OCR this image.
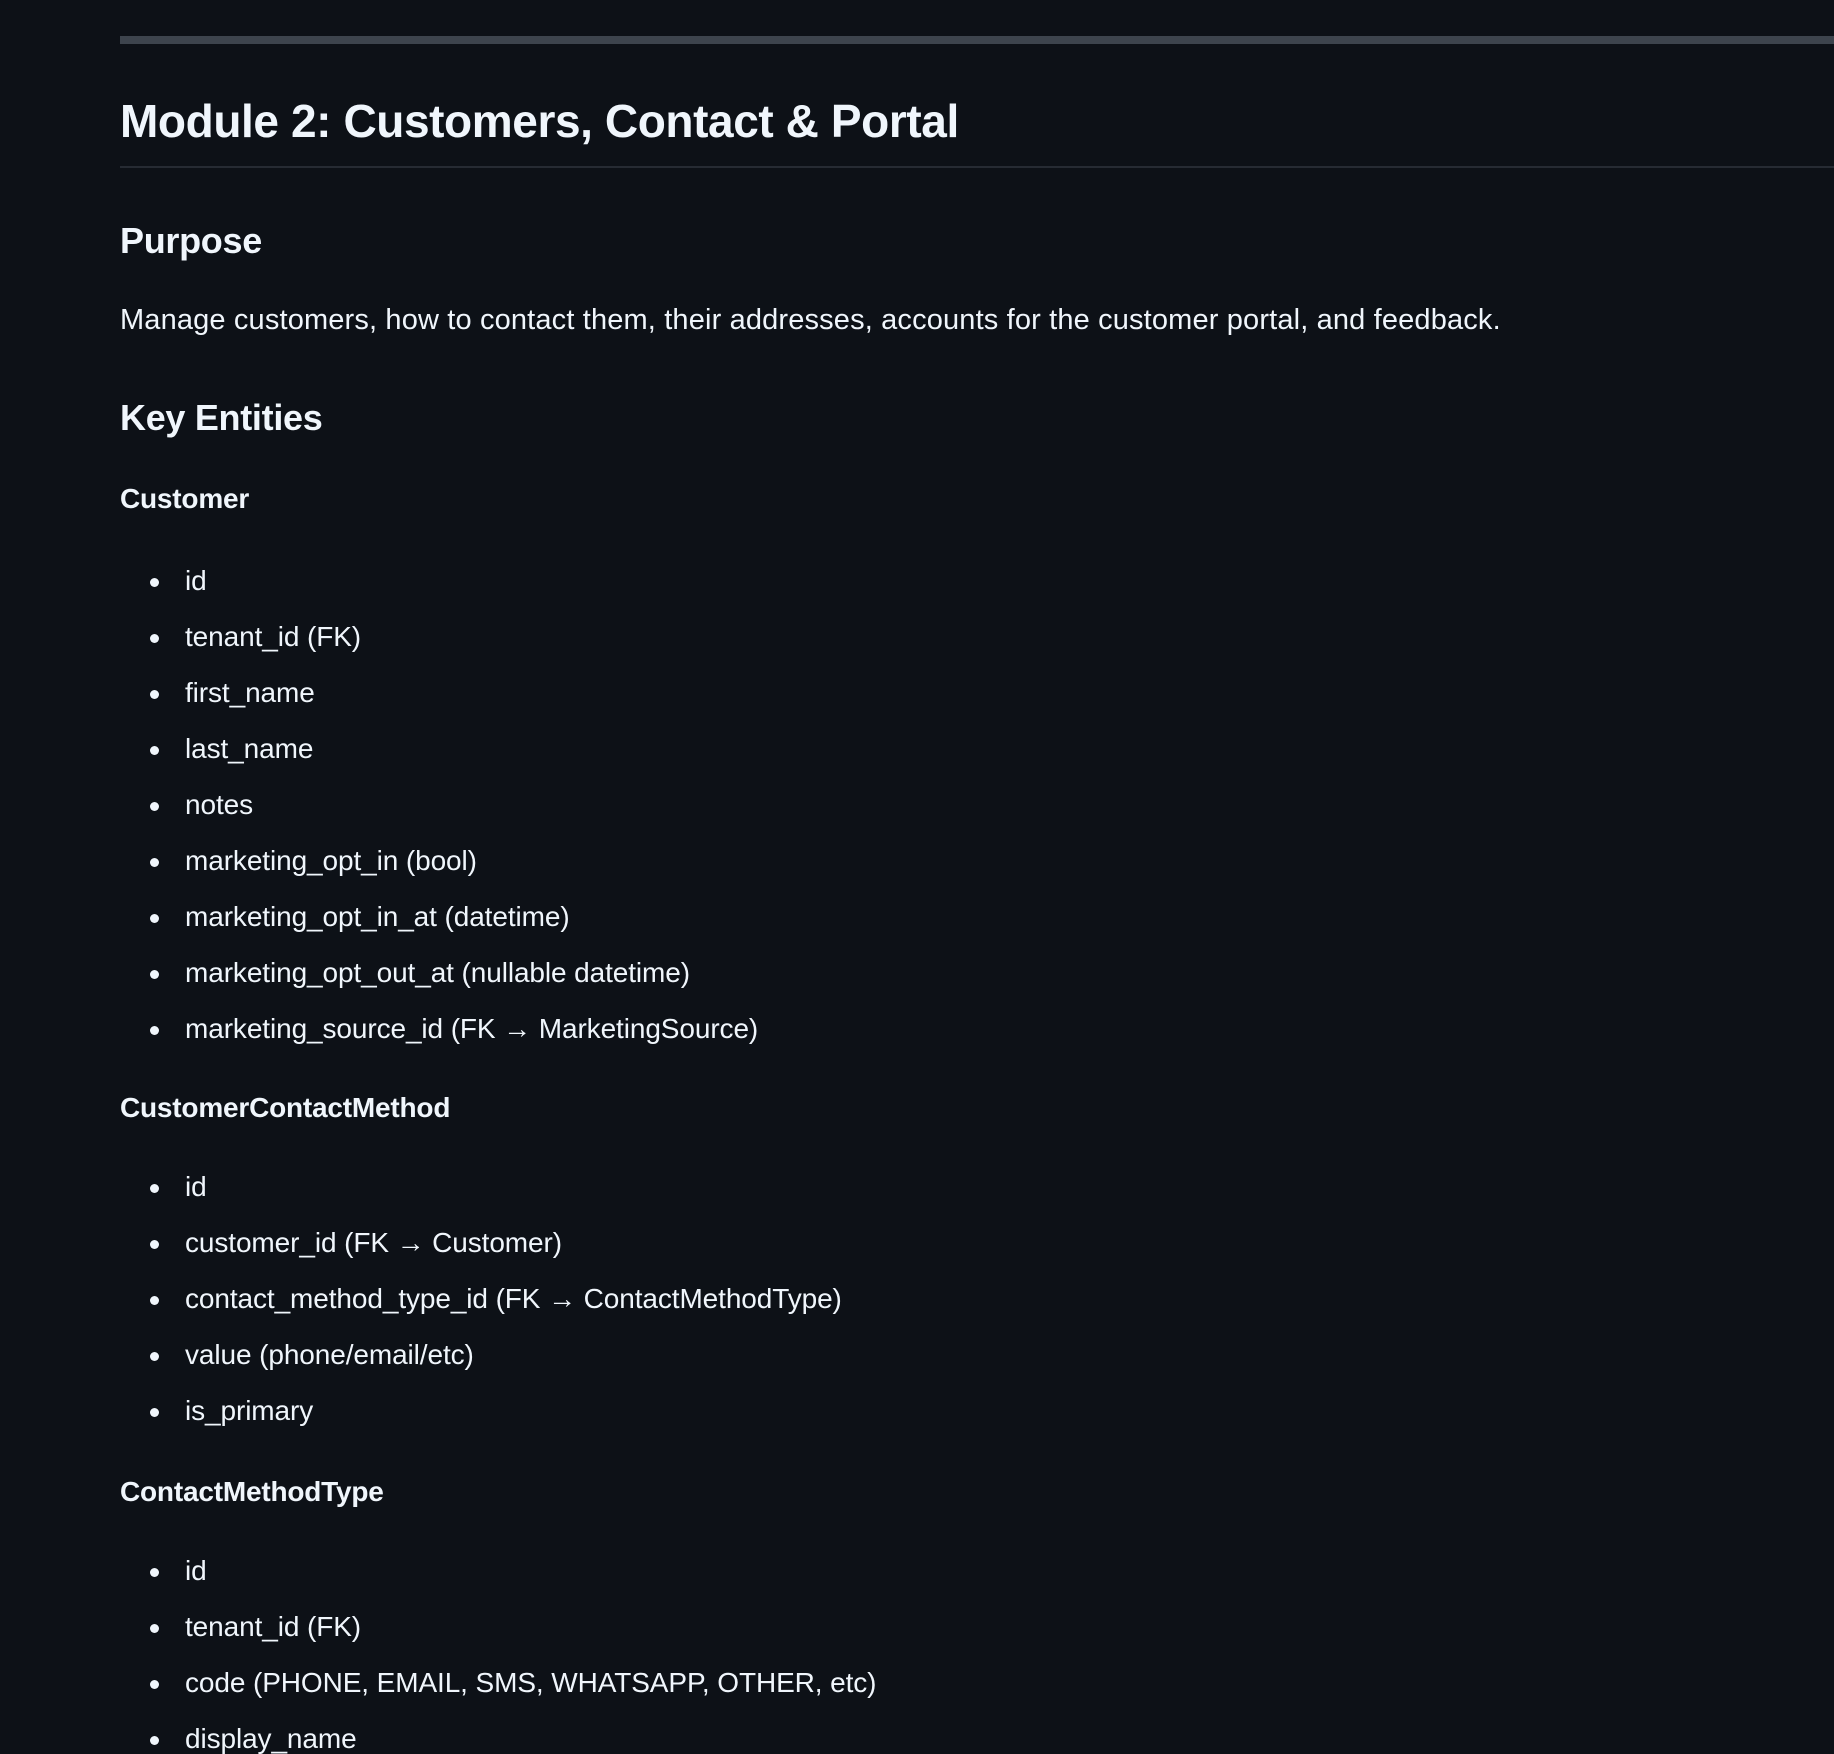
Module 2: Customers, Contact & Portal
Purpose
Manage customers, how to contact them, their addresses, accounts for the customer portal, and feedback.
Key Entities
Customer
id
tenant_id (FK)
first_name
last_name
notes
marketing_opt_in (bool)
marketing_opt_in_at (datetime)
marketing_opt_out_at (nullable datetime)
marketing_source_id (FK → MarketingSource)
CustomerContactMethod
id
customer_id (FK → Customer)
contact_method_type_id (FK → ContactMethodType)
value (phone/email/etc)
is_primary
ContactMethodType
id
tenant_id (FK)
code (PHONE, EMAIL, SMS, WHATSAPP, OTHER, etc)
display_name
